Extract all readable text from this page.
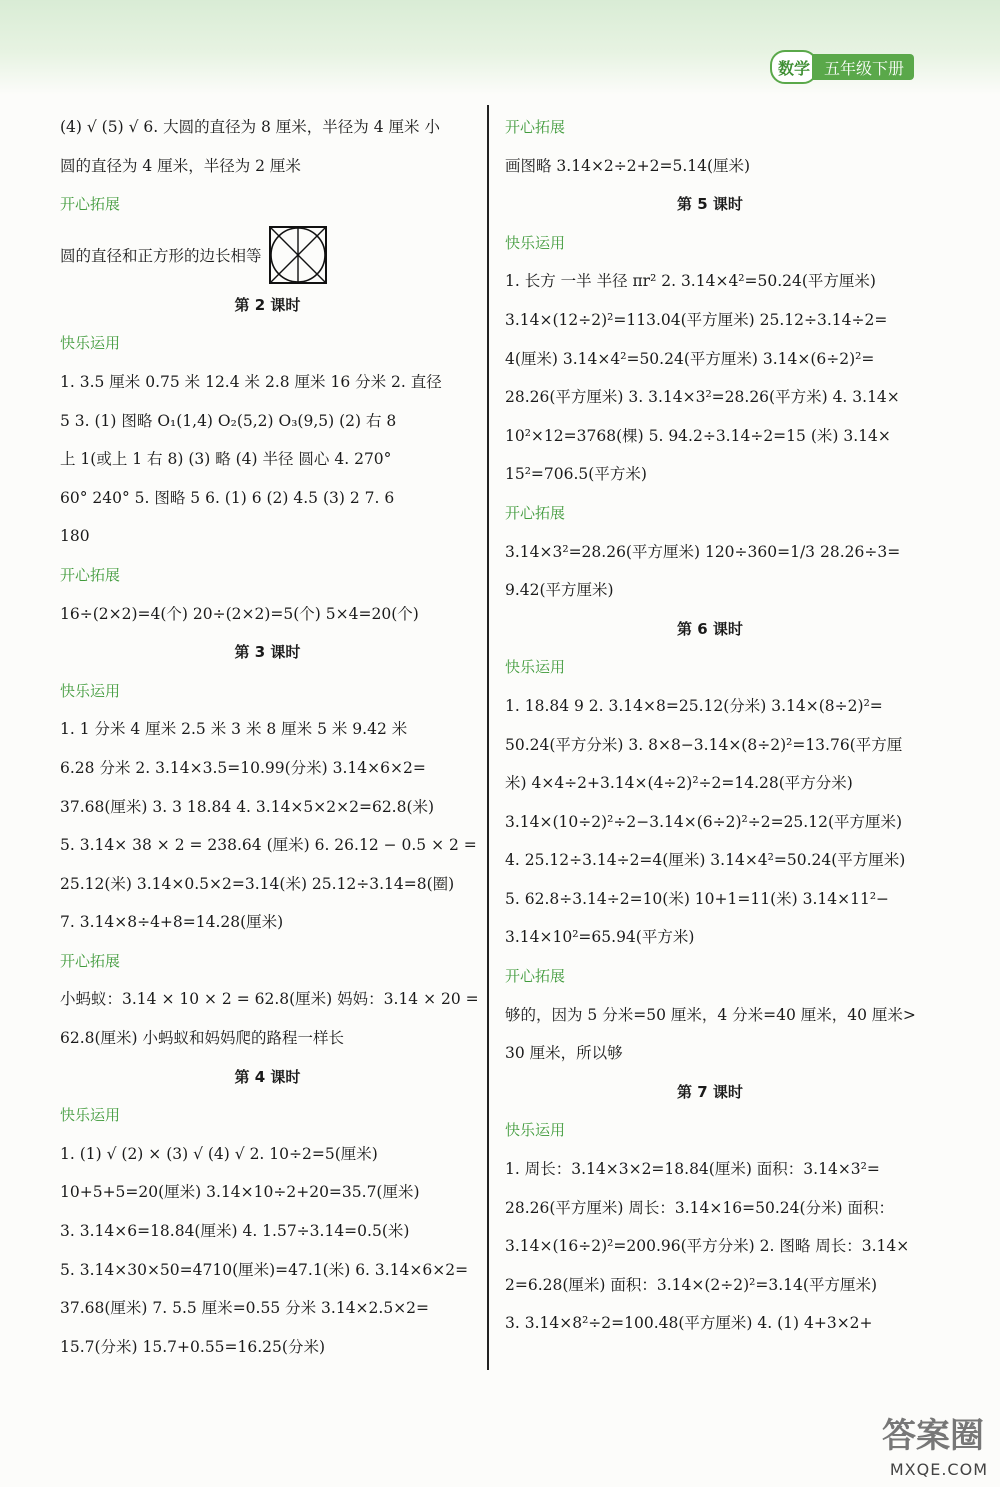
数学 五年级下册
(4) √ (5) √ 6. 大圆的直径为 8 厘米，半径为 4 厘米 小
圆的直径为 4 厘米，半径为 2 厘米
开心拓展
圆的直径和正方形的边长相等
第 2 课时
快乐运用
1. 3.5 厘米 0.75 米 12.4 米 2.8 厘米 16 分米 2. 直径
5 3. (1) 图略 O₁(1,4) O₂(5,2) O₃(9,5) (2) 右 8
上 1(或上 1 右 8) (3) 略 (4) 半径 圆心 4. 270°
60° 240° 5. 图略 5 6. (1) 6 (2) 4.5 (3) 2 7. 6
180
开心拓展
16÷(2×2)=4(个) 20÷(2×2)=5(个) 5×4=20(个)
第 3 课时
快乐运用
1. 1 分米 4 厘米 2.5 米 3 米 8 厘米 5 米 9.42 米
6.28 分米 2. 3.14×3.5=10.99(分米) 3.14×6×2=
37.68(厘米) 3. 3 18.84 4. 3.14×5×2×2=62.8(米)
5. 3.14× 38 × 2 = 238.64 (厘米) 6. 26.12 − 0.5 × 2 =
25.12(米) 3.14×0.5×2=3.14(米) 25.12÷3.14=8(圈)
7. 3.14×8÷4+8=14.28(厘米)
开心拓展
小蚂蚁：3.14 × 10 × 2 = 62.8(厘米) 妈妈：3.14 × 20 =
62.8(厘米) 小蚂蚁和妈妈爬的路程一样长
第 4 课时
快乐运用
1. (1) √ (2) × (3) √ (4) √ 2. 10÷2=5(厘米)
10+5+5=20(厘米) 3.14×10÷2+20=35.7(厘米)
3. 3.14×6=18.84(厘米) 4. 1.57÷3.14=0.5(米)
5. 3.14×30×50=4710(厘米)=47.1(米) 6. 3.14×6×2=
37.68(厘米) 7. 5.5 厘米=0.55 分米 3.14×2.5×2=
15.7(分米) 15.7+0.55=16.25(分米)
开心拓展
画图略 3.14×2÷2+2=5.14(厘米)
第 5 课时
快乐运用
1. 长方 一半 半径 πr² 2. 3.14×4²=50.24(平方厘米)
3.14×(12÷2)²=113.04(平方厘米) 25.12÷3.14÷2=
4(厘米) 3.14×4²=50.24(平方厘米) 3.14×(6÷2)²=
28.26(平方厘米) 3. 3.14×3²=28.26(平方米) 4. 3.14×
10²×12=3768(棵) 5. 94.2÷3.14÷2=15 (米) 3.14×
15²=706.5(平方米)
开心拓展
3.14×3²=28.26(平方厘米) 120÷360=1/3 28.26÷3=
9.42(平方厘米)
第 6 课时
快乐运用
1. 18.84 9 2. 3.14×8=25.12(分米) 3.14×(8÷2)²=
50.24(平方分米) 3. 8×8−3.14×(8÷2)²=13.76(平方厘
米) 4×4÷2+3.14×(4÷2)²÷2=14.28(平方分米)
3.14×(10÷2)²÷2−3.14×(6÷2)²÷2=25.12(平方厘米)
4. 25.12÷3.14÷2=4(厘米) 3.14×4²=50.24(平方厘米)
5. 62.8÷3.14÷2=10(米) 10+1=11(米) 3.14×11²−
3.14×10²=65.94(平方米)
开心拓展
够的，因为 5 分米=50 厘米，4 分米=40 厘米，40 厘米>
30 厘米，所以够
第 7 课时
快乐运用
1. 周长：3.14×3×2=18.84(厘米) 面积：3.14×3²=
28.26(平方厘米) 周长：3.14×16=50.24(分米) 面积：
3.14×(16÷2)²=200.96(平方分米) 2. 图略 周长：3.14×
2=6.28(厘米) 面积：3.14×(2÷2)²=3.14(平方厘米)
3. 3.14×8²÷2=100.48(平方厘米) 4. (1) 4+3×2+
答案圈
MXQE.COM
